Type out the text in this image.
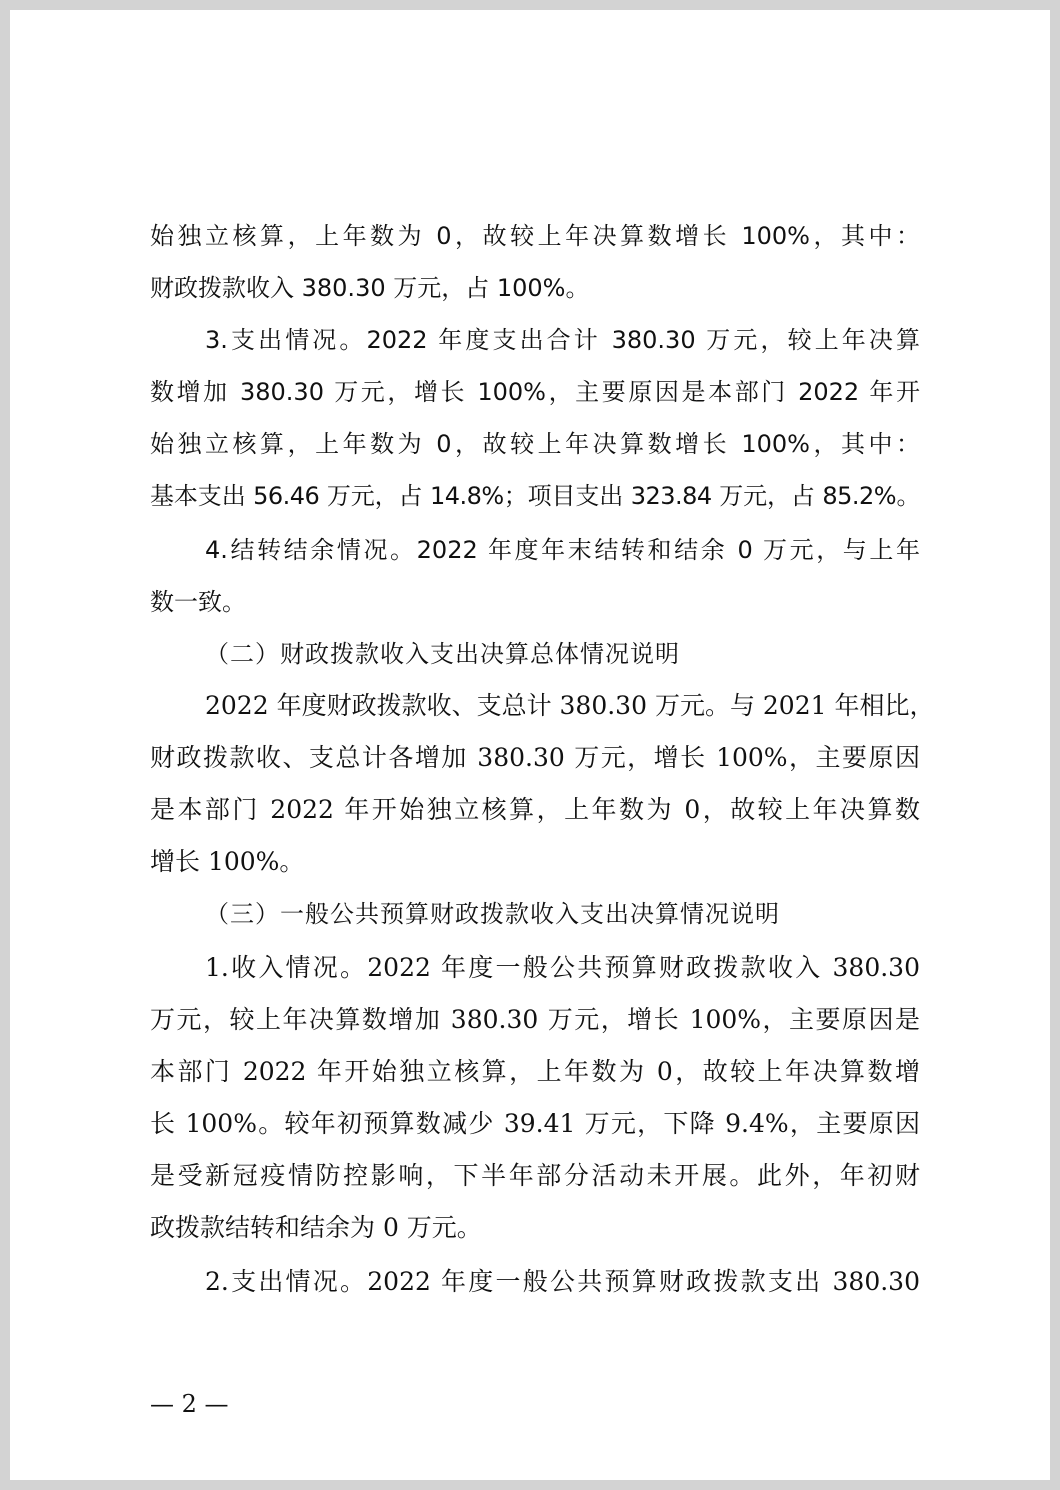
始独立核算，上年数为 0，故较上年决算数增长 100%，其中：
财政拨款收入 380.30 万元，占 100%。
3.支出情况。2022 年度支出合计 380.30 万元，较上年决算
数增加 380.30 万元，增长 100%，主要原因是本部门 2022 年开
始独立核算，上年数为 0，故较上年决算数增长 100%，其中：
基本支出 56.46 万元，占 14.8%；项目支出 323.84 万元，占 85.2%。
4.结转结余情况。2022 年度年末结转和结余 0 万元，与上年
数一致。
（二）财政拨款收入支出决算总体情况说明
2022 年度财政拨款收、支总计 380.30 万元。与 2021 年相比，
财政拨款收、支总计各增加 380.30 万元，增长 100%，主要原因
是本部门 2022 年开始独立核算，上年数为 0，故较上年决算数
增长 100%。
（三）一般公共预算财政拨款收入支出决算情况说明
1.收入情况。2022 年度一般公共预算财政拨款收入 380.30
万元，较上年决算数增加 380.30 万元，增长 100%，主要原因是
本部门 2022 年开始独立核算，上年数为 0，故较上年决算数增
长 100%。较年初预算数减少 39.41 万元，下降 9.4%，主要原因
是受新冠疫情防控影响，下半年部分活动未开展。此外，年初财
政拨款结转和结余为 0 万元。
2.支出情况。2022 年度一般公共预算财政拨款支出 380.30
— 2 —
